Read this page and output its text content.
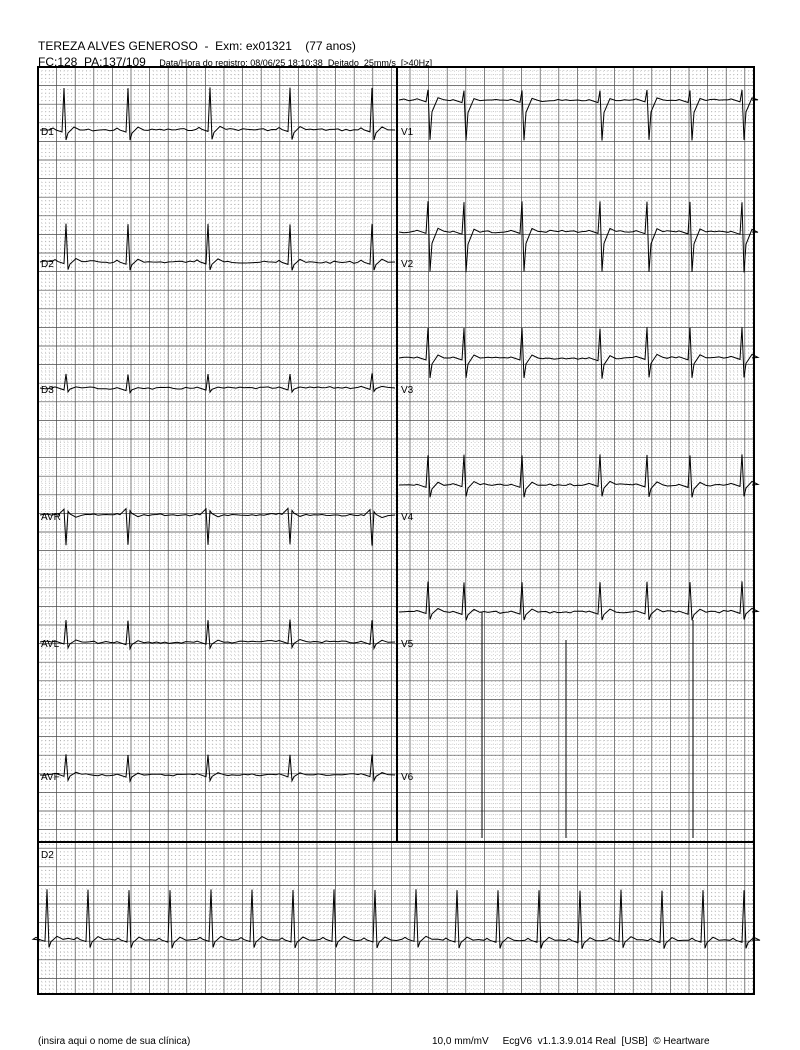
TEREZA ALVES GENEROSO  -  Exm: ex01321 (77 anos)
FC:128 PA:137/109 Data/Hora do registro: 08/06/25 18:10:38  Deitado  25mm/s  [>40Hz]
D1
D2
D3
AVR
AVL
AVF
V1
V2
V3
V4
V5
V6
D2
(insira aqui o nome de sua clínica)	10,0 mm/mV EcgV6  v1.1.3.9.014 Real  [USB]  © Heartware
